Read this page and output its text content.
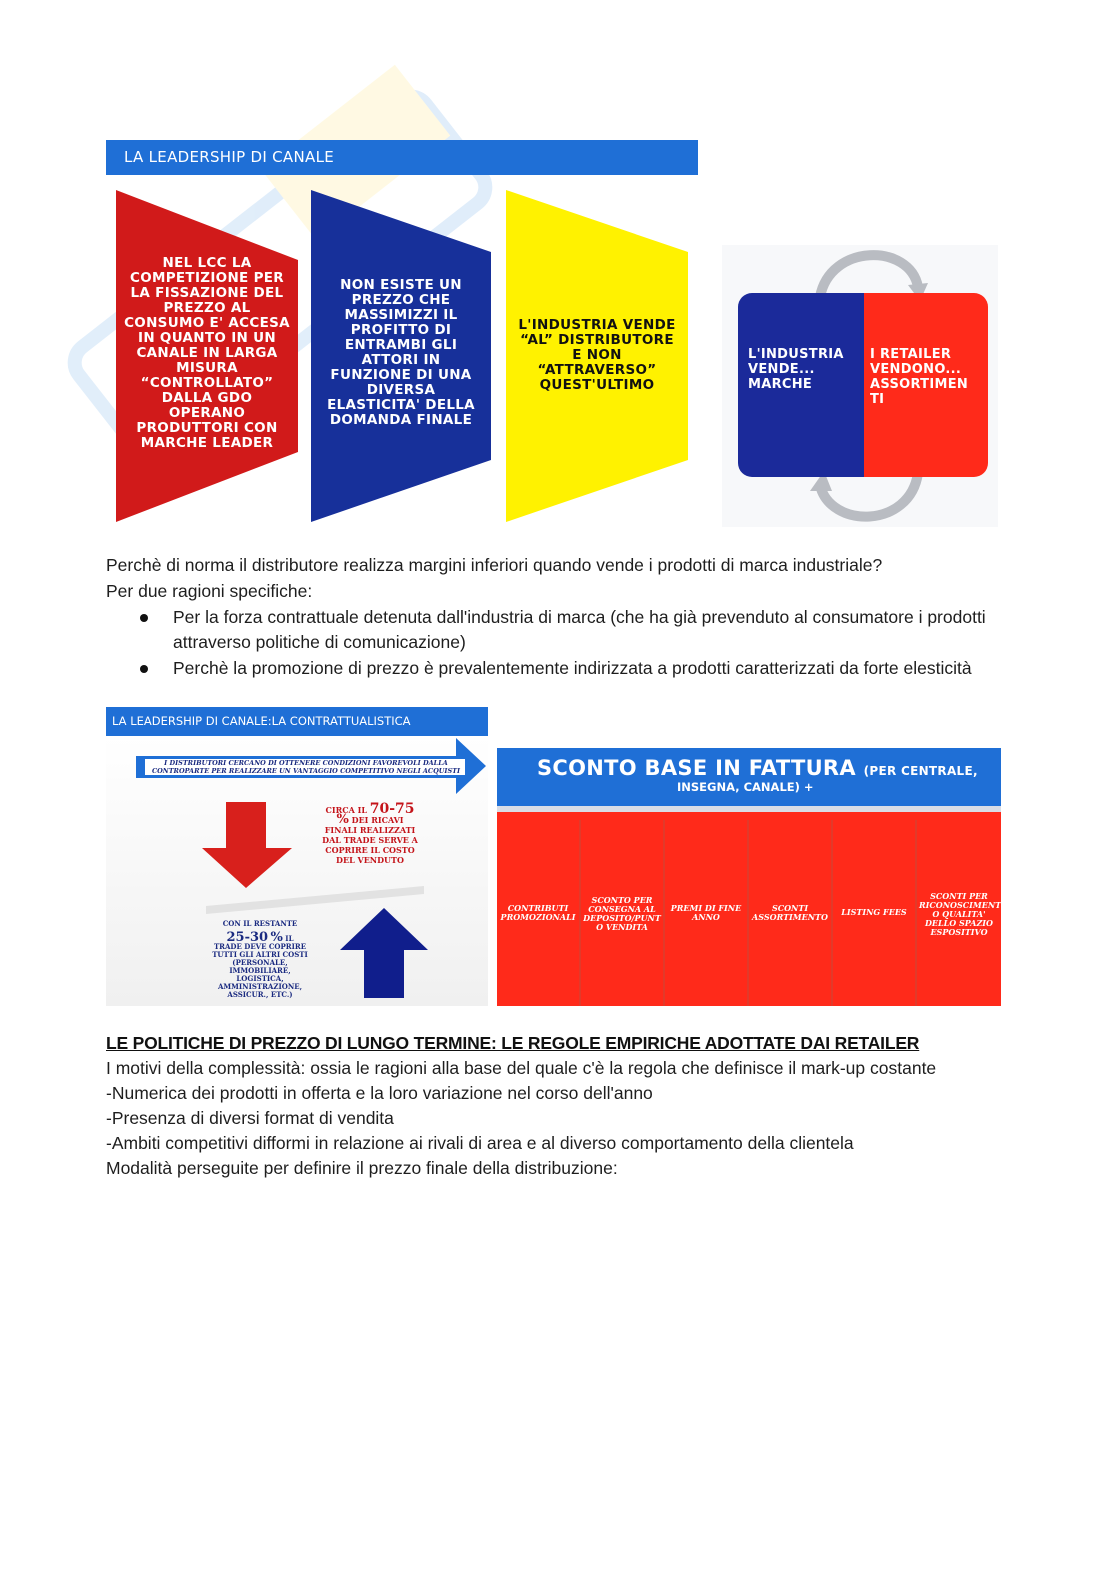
LA LEADERSHIP DI CANALE
NEL LCC LA COMPETIZIONE PER LA FISSAZIONE DEL PREZZO AL CONSUMO E' ACCESA IN QUANTO IN UN CANALE IN LARGA MISURA “CONTROLLATO” DALLA GDO OPERANO PRODUTTORI CON MARCHE LEADER
NON ESISTE UN PREZZO CHE MASSIMIZZI IL PROFITTO DI ENTRAMBI GLI ATTORI IN FUNZIONE DI UNA DIVERSA ELASTICITA' DELLA DOMANDA FINALE
L'INDUSTRIA VENDE “AL” DISTRIBUTORE E NON “ATTRAVERSO” QUEST'ULTIMO
L'INDUSTRIA VENDE... MARCHE
I RETAILER VENDONO... ASSORTIMEN TI
Perchè di norma il distributore realizza margini inferiori quando vende i prodotti di marca industriale?
Per due ragioni specifiche:
Per la forza contrattuale detenuta dall'industria di marca (che ha già prevenduto al consumatore i prodotti attraverso politiche di comunicazione)
Perchè la promozione di prezzo è prevalentemente indirizzata a prodotti caratterizzati da forte elesticità
LA LEADERSHIP DI CANALE:LA CONTRATTUALISTICA
I DISTRIBUTORI CERCANO DI OTTENERE CONDIZIONI FAVOREVOLI DALLA CONTROPARTE PER REALIZZARE UN VANTAGGIO COMPETITIVO NEGLI ACQUISTI
CIRCA IL 70-75
% DEI RICAVI FINALI REALIZZATI DAL TRADE SERVE A COPRIRE IL COSTO DEL VENDUTO
CON IL RESTANTE
25-30 % IL
TRADE DEVE COPRIRE TUTTI GLI ALTRI COSTI (PERSONALE, IMMOBILIARE, LOGISTICA, AMMINISTRAZIONE, ASSICUR., ETC.)
SCONTO BASE IN FATTURA (PER CENTRALE,
INSEGNA, CANALE) +
CONTRIBUTI PROMOZIONALI
SCONTO PER CONSEGNA AL DEPOSITO/PUNT O VENDITA
PREMI DI FINE ANNO
SCONTI ASSORTIMENTO	LISTING FEES
SCONTI PER RICONOSCIMENT O QUALITA' DELLO SPAZIO ESPOSITIVO
LE POLITICHE DI PREZZO DI LUNGO TERMINE: LE REGOLE EMPIRICHE ADOTTATE DAI RETAILER
I motivi della complessità: ossia le ragioni alla base del quale c'è la regola che definisce il mark-up costante
-Numerica dei prodotti in offerta e la loro variazione nel corso dell'anno
-Presenza di diversi format di vendita
-Ambiti competitivi difformi in relazione ai rivali di area e al diverso comportamento della clientela
Modalità perseguite per definire il prezzo finale della distribuzione:
